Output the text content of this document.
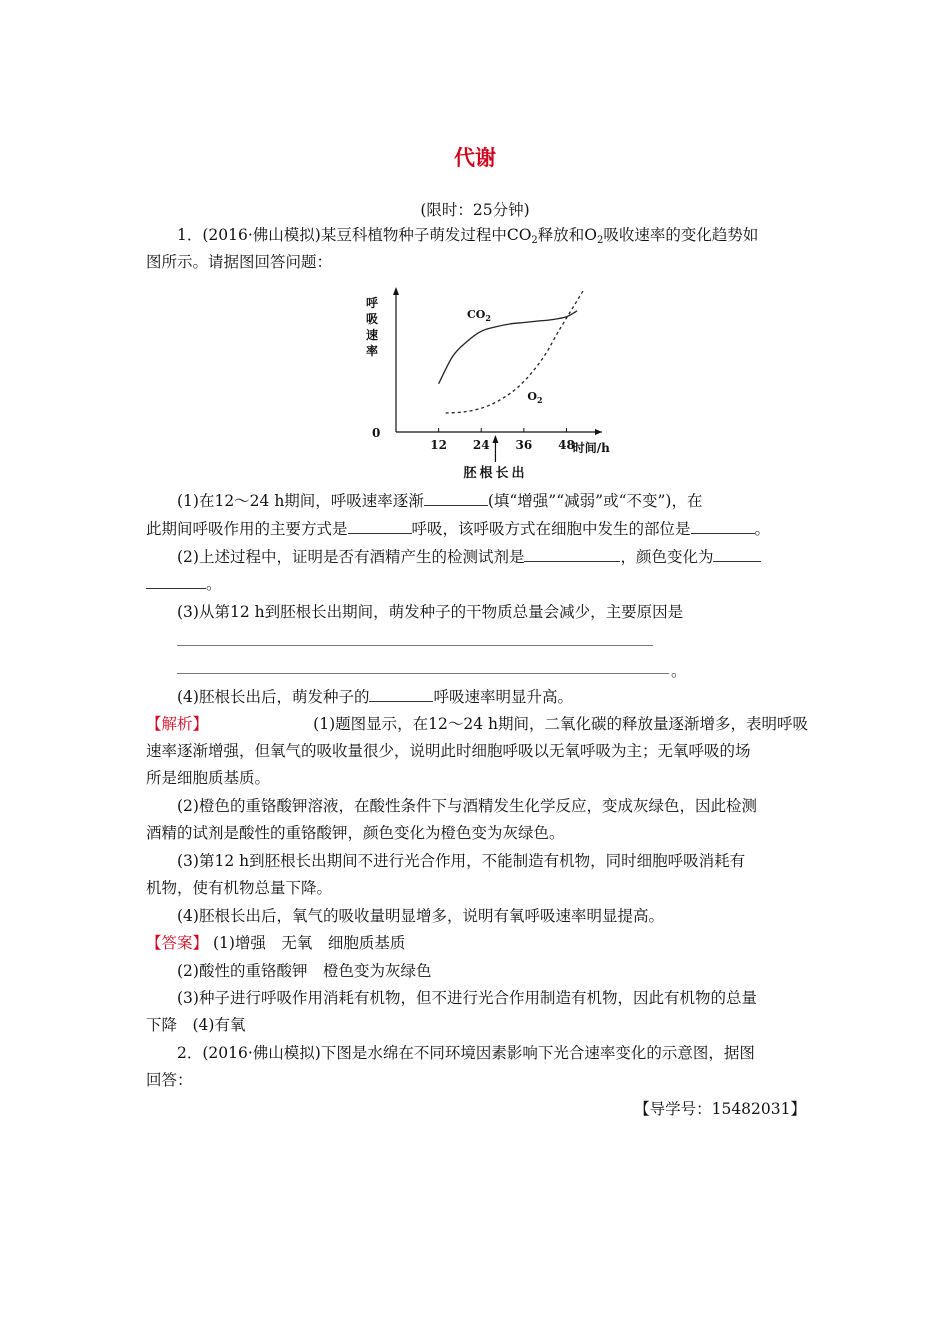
代谢
(限时：25分钟)
1．(2016·佛山模拟)某豆科植物种子萌发过程中$CO_2$释放和$O_2$吸收速率的变化趋势如
图所示。请据图回答问题：
0
呼
吸
速
率
12 24 36 48
时间/h
胚根长出
$CO_2$
$O_2$
(1)在12～24 h期间，呼吸速率逐渐	(填“增强”“减弱”或“不变”)，在
此期间呼吸作用的主要方式是	呼吸，该呼吸方式在细胞中发生的部位是	。
(2)上述过程中，证明是否有酒精产生的检测试剂是	，颜色变化为
。
(3)从第12 h到胚根长出期间，萌发种子的干物质总量会减少，主要原因是
。
(4)胚根长出后，萌发种子的	呼吸速率明显升高。
【解析】	(1)题图显示，在12～24 h期间，二氧化碳的释放量逐渐增多，表明呼吸
速率逐渐增强，但氧气的吸收量很少，说明此时细胞呼吸以无氧呼吸为主；无氧呼吸的场
所是细胞质基质。
(2)橙色的重铬酸钾溶液，在酸性条件下与酒精发生化学反应，变成灰绿色，因此检测
酒精的试剂是酸性的重铬酸钾，颜色变化为橙色变为灰绿色。
(3)第12 h到胚根长出期间不进行光合作用，不能制造有机物，同时细胞呼吸消耗有
机物，使有机物总量下降。
(4)胚根长出后，氧气的吸收量明显增多，说明有氧呼吸速率明显提高。
【答案】 (1)增强　无氧　细胞质基质
(2)酸性的重铬酸钾　橙色变为灰绿色
(3)种子进行呼吸作用消耗有机物，但不进行光合作用制造有机物，因此有机物的总量
下降　(4)有氧
2．(2016·佛山模拟)下图是水绵在不同环境因素影响下光合速率变化的示意图，据图
回答：
【导学号：15482031】
